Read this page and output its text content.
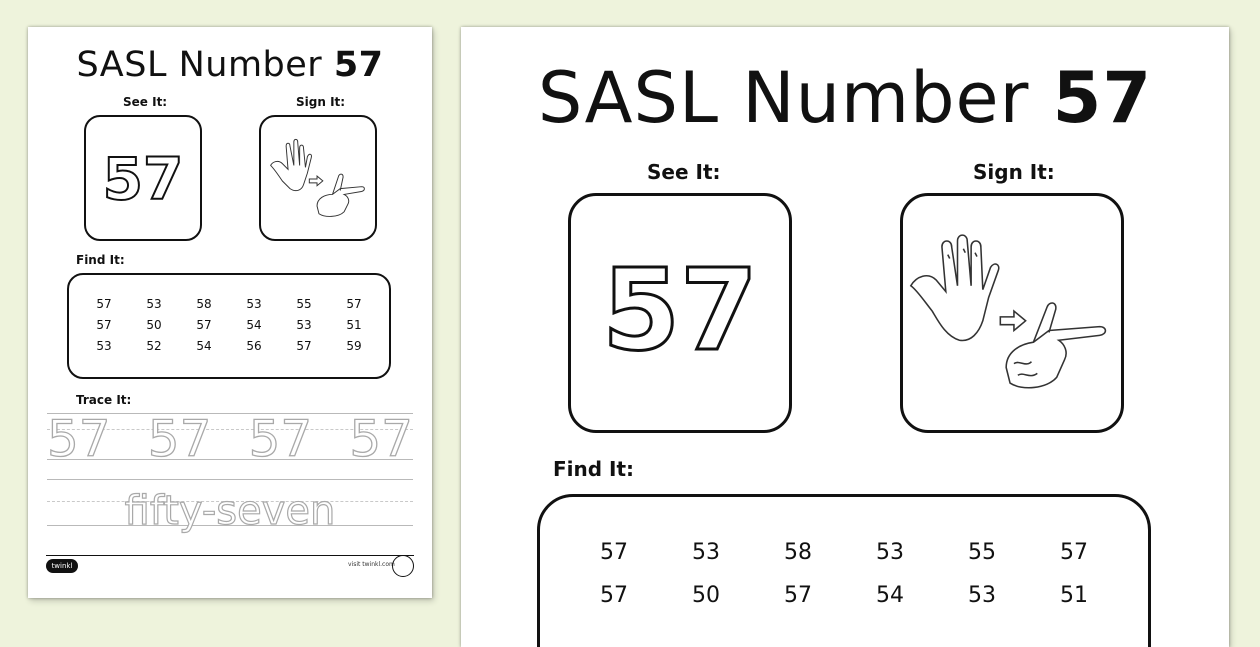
SASL Number 57
See It:	Sign It:
57
Find It:
57	53	58	53	55	57
57	50	57	54	53	51
53	52	54	56	57	59
Trace It:
57 57 57 57
fifty-seven
twinkl	visit twinkl.com
SASL Number 57
See It:	Sign It:
57
Find It:
57	53	58	53	55	57
57	50	57	54	53	51
